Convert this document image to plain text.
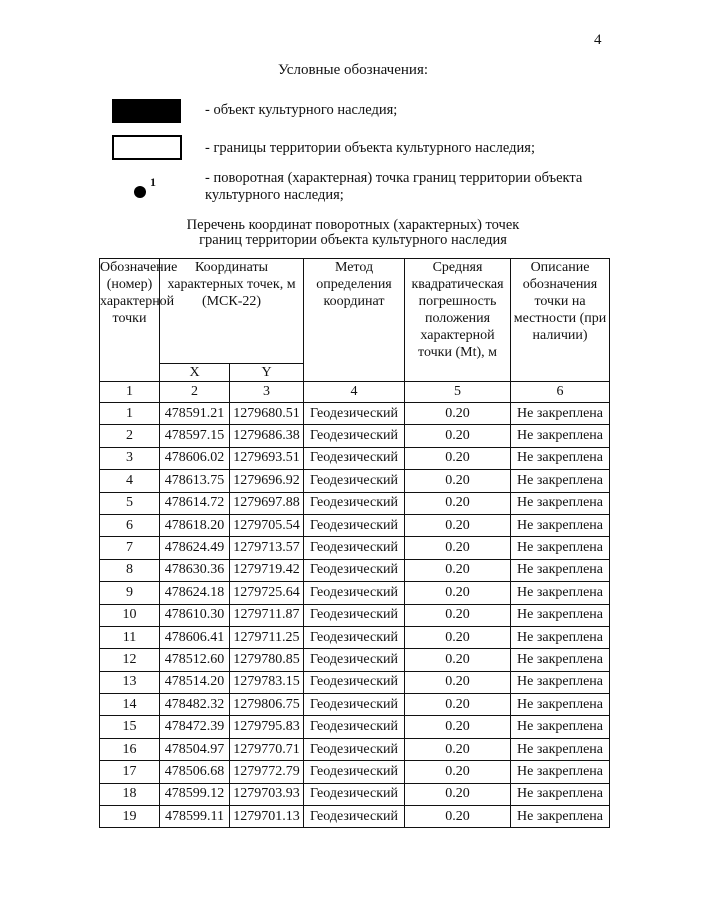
4
Условные обозначения:
- объект культурного наследия;
- границы территории объекта культурного наследия;
1	- поворотная (характерная) точка границ территории объекта
культурного наследия;
Перечень координат поворотных (характерных) точек
границ территории объекта культурного наследия
Обозначение (номер) характерной точки	Координаты характерных точек, м (МСК-22)		Метод определения координат	Средняя квадратическая погрешность положения характерной точки (Mt), м	Описание обозначения точки на местности (при наличии)
	X	Y			
1	2	3	4	5	6
1	478591.21	1279680.51	Геодезический	0.20	Не закреплена
2	478597.15	1279686.38	Геодезический	0.20	Не закреплена
3	478606.02	1279693.51	Геодезический	0.20	Не закреплена
4	478613.75	1279696.92	Геодезический	0.20	Не закреплена
5	478614.72	1279697.88	Геодезический	0.20	Не закреплена
6	478618.20	1279705.54	Геодезический	0.20	Не закреплена
7	478624.49	1279713.57	Геодезический	0.20	Не закреплена
8	478630.36	1279719.42	Геодезический	0.20	Не закреплена
9	478624.18	1279725.64	Геодезический	0.20	Не закреплена
10	478610.30	1279711.87	Геодезический	0.20	Не закреплена
11	478606.41	1279711.25	Геодезический	0.20	Не закреплена
12	478512.60	1279780.85	Геодезический	0.20	Не закреплена
13	478514.20	1279783.15	Геодезический	0.20	Не закреплена
14	478482.32	1279806.75	Геодезический	0.20	Не закреплена
15	478472.39	1279795.83	Геодезический	0.20	Не закреплена
16	478504.97	1279770.71	Геодезический	0.20	Не закреплена
17	478506.68	1279772.79	Геодезический	0.20	Не закреплена
18	478599.12	1279703.93	Геодезический	0.20	Не закреплена
19	478599.11	1279701.13	Геодезический	0.20	Не закреплена
